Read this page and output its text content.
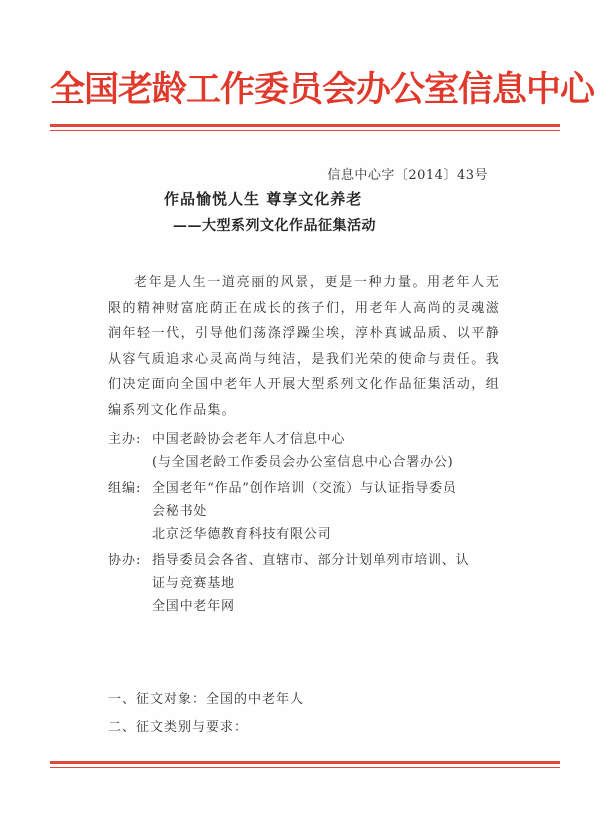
全国老龄工作委员会办公室信息中心
信息中心字〔2014〕43号
作品愉悦人生 尊享文化养老
——大型系列文化作品征集活动

老年是人生一道亮丽的风景，更是一种力量。用老年人无限的精神财富庇荫正在成长的孩子们，用老年人高尚的灵魂滋润年轻一代，引导他们荡涤浮躁尘埃，淳朴真诚品质、以平静从容气质追求心灵高尚与纯洁，是我们光荣的使命与责任。我们决定面向全国中老年人开展大型系列文化作品征集活动，组编系列文化作品集。

主办: 中国老龄协会老年人才信息中心
(与全国老龄工作委员会办公室信息中心合署办公)
组编: 全国老年“作品”创作培训（交流）与认证指导委员
会秘书处
北京泛华德教育科技有限公司
协办: 指导委员会各省、直辖市、部分计划单列市培训、认
证与竞赛基地
全国中老年网
一、征文对象：全国的中老年人
二、征文类别与要求：
